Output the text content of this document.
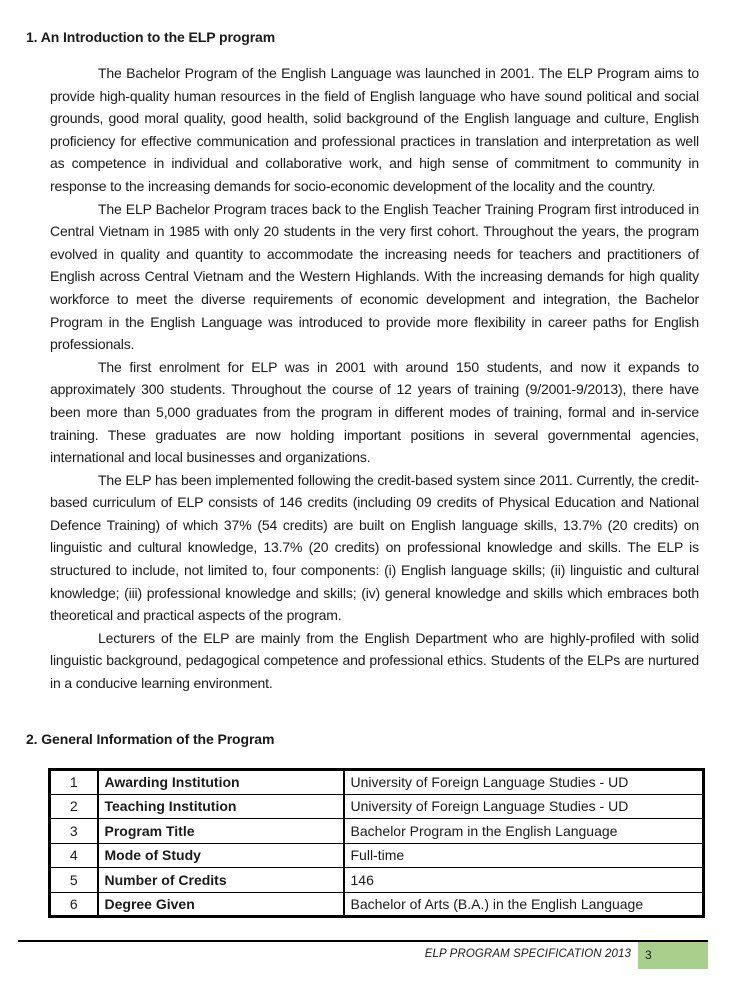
1. An Introduction to the ELP program

The Bachelor Program of the English Language was launched in 2001. The ELP Program aims to provide high-quality human resources in the field of English language who have sound political and social grounds, good moral quality, good health, solid background of the English language and culture, English proficiency for effective communication and professional practices in translation and interpretation as well as competence in individual and collaborative work, and high sense of commitment to community in response to the increasing demands for socio-economic development of the locality and the country.

The ELP Bachelor Program traces back to the English Teacher Training Program first introduced in Central Vietnam in 1985 with only 20 students in the very first cohort. Throughout the years, the program evolved in quality and quantity to accommodate the increasing needs for teachers and practitioners of English across Central Vietnam and the Western Highlands. With the increasing demands for high quality workforce to meet the diverse requirements of economic development and integration, the Bachelor Program in the English Language was introduced to provide more flexibility in career paths for English professionals.

The first enrolment for ELP was in 2001 with around 150 students, and now it expands to approximately 300 students. Throughout the course of 12 years of training (9/2001-9/2013), there have been more than 5,000 graduates from the program in different modes of training, formal and in-service training. These graduates are now holding important positions in several governmental agencies, international and local businesses and organizations.

The ELP has been implemented following the credit-based system since 2011. Currently, the credit-based curriculum of ELP consists of 146 credits (including 09 credits of Physical Education and National Defence Training) of which 37% (54 credits) are built on English language skills, 13.7% (20 credits) on linguistic and cultural knowledge, 13.7% (20 credits) on professional knowledge and skills. The ELP is structured to include, not limited to, four components: (i) English language skills; (ii) linguistic and cultural knowledge; (iii) professional knowledge and skills; (iv) general knowledge and skills which embraces both theoretical and practical aspects of the program.

Lecturers of the ELP are mainly from the English Department who are highly-profiled with solid linguistic background, pedagogical competence and professional ethics. Students of the ELPs are nurtured in a conducive learning environment.

2. General Information of the Program
1	Awarding Institution	University of Foreign Language Studies - UD
2	Teaching Institution	University of Foreign Language Studies - UD
3	Program Title	Bachelor Program in the English Language
4	Mode of Study	Full-time
5	Number of Credits	146
6	Degree Given	Bachelor of Arts (B.A.) in the English Language
ELP PROGRAM SPECIFICATION 2013	3
